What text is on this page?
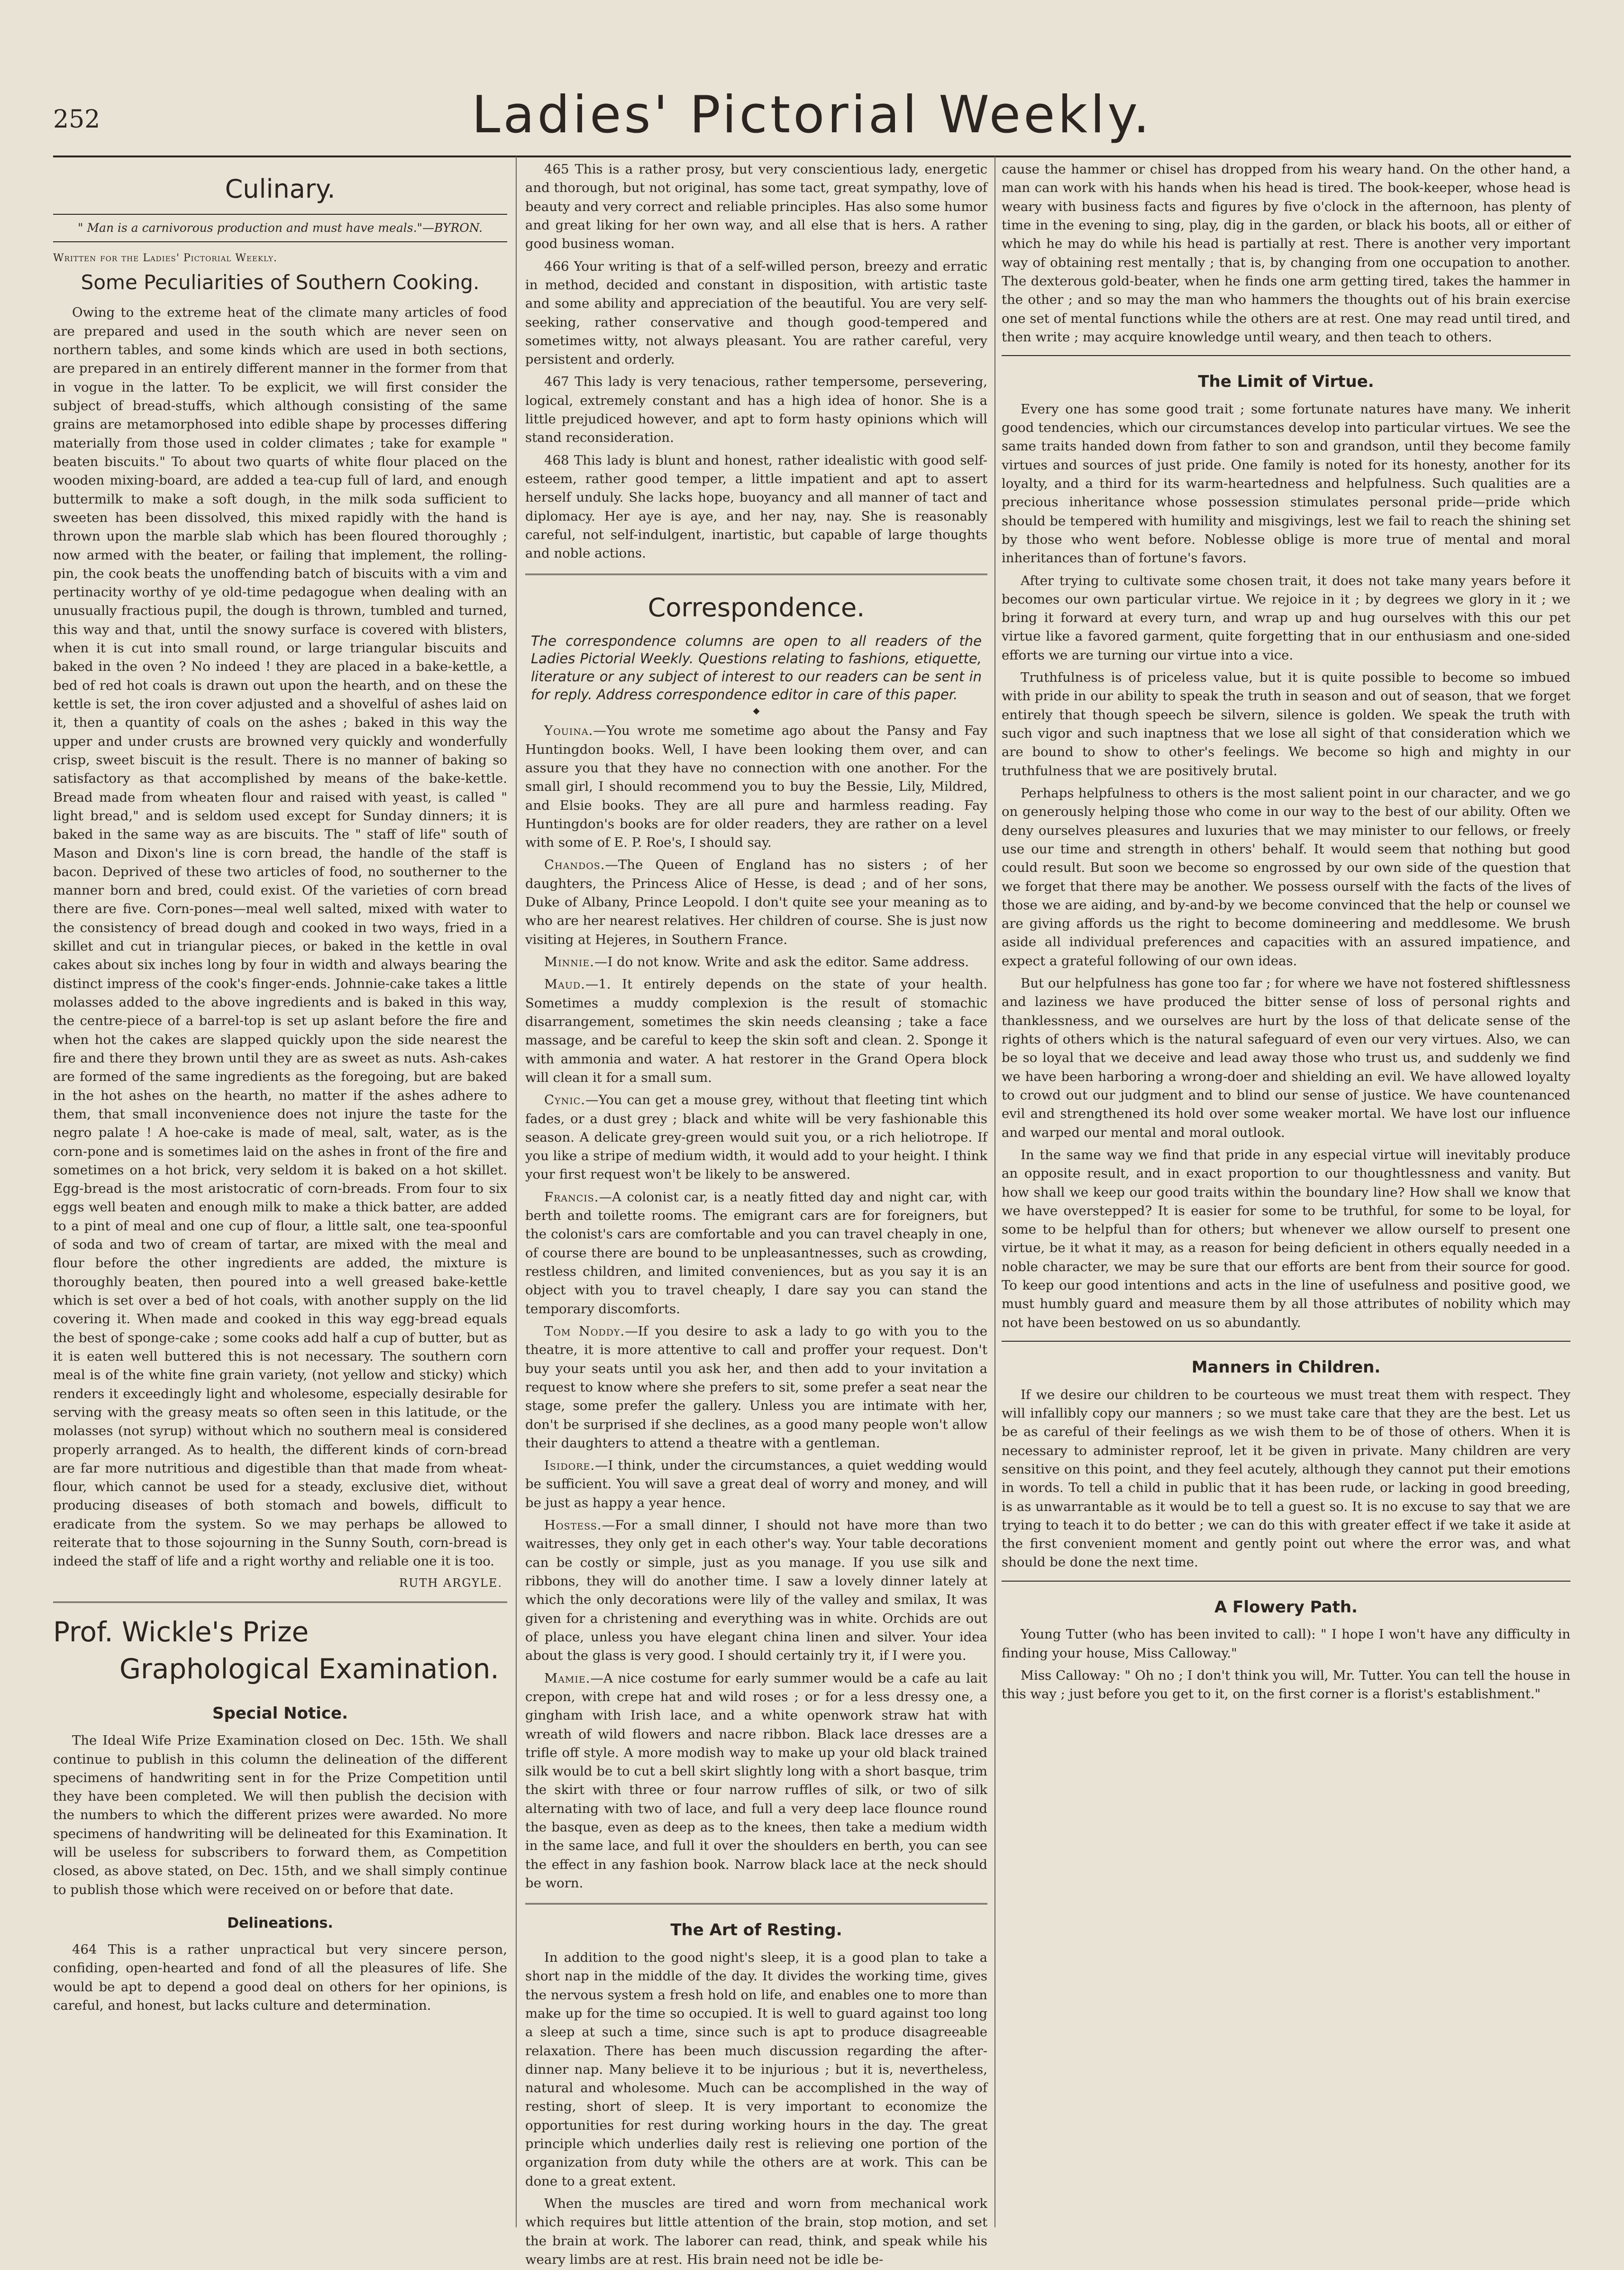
252	Ladies' Pictorial Weekly.
Culinary.
" Man is a carnivorous production and must have meals."—BYRON.
Written for the Ladies' Pictorial Weekly.
Some Peculiarities of Southern Cooking.

Owing to the extreme heat of the climate many articles of food are prepared and used in the south which are never seen on northern tables, and some kinds which are used in both sections, are prepared in an entirely different manner in the former from that in vogue in the latter. To be explicit, we will first consider the subject of bread-stuffs, which although consisting of the same grains are metamorphosed into edible shape by processes differing materially from those used in colder climates ; take for example " beaten biscuits." To about two quarts of white flour placed on the wooden mixing-board, are added a tea-cup full of lard, and enough buttermilk to make a soft dough, in the milk soda sufficient to sweeten has been dissolved, this mixed rapidly with the hand is thrown upon the marble slab which has been floured thoroughly ; now armed with the beater, or failing that implement, the rolling-pin, the cook beats the unoffending batch of biscuits with a vim and pertinacity worthy of ye old-time pedagogue when dealing with an unusually fractious pupil, the dough is thrown, tumbled and turned, this way and that, until the snowy surface is covered with blisters, when it is cut into small round, or large triangular biscuits and baked in the oven ? No indeed ! they are placed in a bake-kettle, a bed of red hot coals is drawn out upon the hearth, and on these the kettle is set, the iron cover adjusted and a shovelful of ashes laid on it, then a quantity of coals on the ashes ; baked in this way the upper and under crusts are browned very quickly and wonderfully crisp, sweet biscuit is the result. There is no manner of baking so satisfactory as that accomplished by means of the bake-kettle. Bread made from wheaten flour and raised with yeast, is called " light bread," and is seldom used except for Sunday dinners; it is baked in the same way as are biscuits. The " staff of life" south of Mason and Dixon's line is corn bread, the handle of the staff is bacon. Deprived of these two articles of food, no southerner to the manner born and bred, could exist. Of the varieties of corn bread there are five. Corn-pones—meal well salted, mixed with water to the consistency of bread dough and cooked in two ways, fried in a skillet and cut in triangular pieces, or baked in the kettle in oval cakes about six inches long by four in width and always bearing the distinct impress of the cook's finger-ends. Johnnie-cake takes a little molasses added to the above ingredients and is baked in this way, the centre-piece of a barrel-top is set up aslant before the fire and when hot the cakes are slapped quickly upon the side nearest the fire and there they brown until they are as sweet as nuts. Ash-cakes are formed of the same ingredients as the foregoing, but are baked in the hot ashes on the hearth, no matter if the ashes adhere to them, that small inconvenience does not injure the taste for the negro palate ! A hoe-cake is made of meal, salt, water, as is the corn-pone and is sometimes laid on the ashes in front of the fire and sometimes on a hot brick, very seldom it is baked on a hot skillet. Egg-bread is the most aristocratic of corn-breads. From four to six eggs well beaten and enough milk to make a thick batter, are added to a pint of meal and one cup of flour, a little salt, one tea-spoonful of soda and two of cream of tartar, are mixed with the meal and flour before the other ingredients are added, the mixture is thoroughly beaten, then poured into a well greased bake-kettle which is set over a bed of hot coals, with another supply on the lid covering it. When made and cooked in this way egg-bread equals the best of sponge-cake ; some cooks add half a cup of butter, but as it is eaten well buttered this is not necessary. The southern corn meal is of the white fine grain variety, (not yellow and sticky) which renders it exceedingly light and wholesome, especially desirable for serving with the greasy meats so often seen in this latitude, or the molasses (not syrup) without which no southern meal is considered properly arranged. As to health, the different kinds of corn-bread are far more nutritious and digestible than that made from wheat-flour, which cannot be used for a steady, exclusive diet, without producing diseases of both stomach and bowels, difficult to eradicate from the system. So we may perhaps be allowed to reiterate that to those sojourning in the Sunny South, corn-bread is indeed the staff of life and a right worthy and reliable one it is too.

RUTH ARGYLE.
Prof. Wickle's Prize
Graphological Examination.
Special Notice.

The Ideal Wife Prize Examination closed on Dec. 15th. We shall continue to publish in this column the delineation of the different specimens of handwriting sent in for the Prize Competition until they have been completed. We will then publish the decision with the numbers to which the different prizes were awarded. No more specimens of handwriting will be delineated for this Examination. It will be useless for subscribers to forward them, as Competition closed, as above stated, on Dec. 15th, and we shall simply continue to publish those which were received on or before that date.

Delineations.

464 This is a rather unpractical but very sincere person, confiding, open-hearted and fond of all the pleasures of life. She would be apt to depend a good deal on others for her opinions, is careful, and honest, but lacks culture and determination.

465 This is a rather prosy, but very conscientious lady, energetic and thorough, but not original, has some tact, great sympathy, love of beauty and very correct and reliable principles. Has also some humor and great liking for her own way, and all else that is hers. A rather good business woman.

466 Your writing is that of a self-willed person, breezy and erratic in method, decided and constant in disposition, with artistic taste and some ability and appreciation of the beautiful. You are very self-seeking, rather conservative and though good-tempered and sometimes witty, not always pleasant. You are rather careful, very persistent and orderly.

467 This lady is very tenacious, rather tempersome, persevering, logical, extremely constant and has a high idea of honor. She is a little prejudiced however, and apt to form hasty opinions which will stand reconsideration.

468 This lady is blunt and honest, rather idealistic with good self-esteem, rather good temper, a little impatient and apt to assert herself unduly. She lacks hope, buoyancy and all manner of tact and diplomacy. Her aye is aye, and her nay, nay. She is reasonably careful, not self-indulgent, inartistic, but capable of large thoughts and noble actions.

Correspondence.
The correspondence columns are open to all readers of the Ladies Pictorial Weekly. Questions relating to fashions, etiquette, literature or any subject of interest to our readers can be sent in for reply. Address correspondence editor in care of this paper.
◆

Youina.—You wrote me sometime ago about the Pansy and Fay Huntingdon books. Well, I have been looking them over, and can assure you that they have no connection with one another. For the small girl, I should recommend you to buy the Bessie, Lily, Mildred, and Elsie books. They are all pure and harmless reading. Fay Huntingdon's books are for older readers, they are rather on a level with some of E. P. Roe's, I should say.

Chandos.—The Queen of England has no sisters ; of her daughters, the Princess Alice of Hesse, is dead ; and of her sons, Duke of Albany, Prince Leopold. I don't quite see your meaning as to who are her nearest relatives. Her children of course. She is just now visiting at Hejeres, in Southern France.

Minnie.—I do not know. Write and ask the editor. Same address.

Maud.—1. It entirely depends on the state of your health. Sometimes a muddy complexion is the result of stomachic disarrangement, sometimes the skin needs cleansing ; take a face massage, and be careful to keep the skin soft and clean. 2. Sponge it with ammonia and water. A hat restorer in the Grand Opera block will clean it for a small sum.

Cynic.—You can get a mouse grey, without that fleeting tint which fades, or a dust grey ; black and white will be very fashionable this season. A delicate grey-green would suit you, or a rich heliotrope. If you like a stripe of medium width, it would add to your height. I think your first request won't be likely to be answered.

Francis.—A colonist car, is a neatly fitted day and night car, with berth and toilette rooms. The emigrant cars are for foreigners, but the colonist's cars are comfortable and you can travel cheaply in one, of course there are bound to be unpleasantnesses, such as crowding, restless children, and limited conveniences, but as you say it is an object with you to travel cheaply, I dare say you can stand the temporary discomforts.

Tom Noddy.—If you desire to ask a lady to go with you to the theatre, it is more attentive to call and proffer your request. Don't buy your seats until you ask her, and then add to your invitation a request to know where she prefers to sit, some prefer a seat near the stage, some prefer the gallery. Unless you are intimate with her, don't be surprised if she declines, as a good many people won't allow their daughters to attend a theatre with a gentleman.

Isidore.—I think, under the circumstances, a quiet wedding would be sufficient. You will save a great deal of worry and money, and will be just as happy a year hence.

Hostess.—For a small dinner, I should not have more than two waitresses, they only get in each other's way. Your table decorations can be costly or simple, just as you manage. If you use silk and ribbons, they will do another time. I saw a lovely dinner lately at which the only decorations were lily of the valley and smilax, It was given for a christening and everything was in white. Orchids are out of place, unless you have elegant china linen and silver. Your idea about the glass is very good. I should certainly try it, if I were you.

Mamie.—A nice costume for early summer would be a cafe au lait crepon, with crepe hat and wild roses ; or for a less dressy one, a gingham with Irish lace, and a white openwork straw hat with wreath of wild flowers and nacre ribbon. Black lace dresses are a trifle off style. A more modish way to make up your old black trained silk would be to cut a bell skirt slightly long with a short basque, trim the skirt with three or four narrow ruffles of silk, or two of silk alternating with two of lace, and full a very deep lace flounce round the basque, even as deep as to the knees, then take a medium width in the same lace, and full it over the shoulders en berth, you can see the effect in any fashion book. Narrow black lace at the neck should be worn.

The Art of Resting.

In addition to the good night's sleep, it is a good plan to take a short nap in the middle of the day. It divides the working time, gives the nervous system a fresh hold on life, and enables one to more than make up for the time so occupied. It is well to guard against too long a sleep at such a time, since such is apt to produce disagreeable relaxation. There has been much discussion regarding the after-dinner nap. Many believe it to be injurious ; but it is, nevertheless, natural and wholesome. Much can be accomplished in the way of resting, short of sleep. It is very important to economize the opportunities for rest during working hours in the day. The great principle which underlies daily rest is relieving one portion of the organization from duty while the others are at work. This can be done to a great extent.

When the muscles are tired and worn from mechanical work which requires but little attention of the brain, stop motion, and set the brain at work. The laborer can read, think, and speak while his weary limbs are at rest. His brain need not be idle be-

cause the hammer or chisel has dropped from his weary hand. On the other hand, a man can work with his hands when his head is tired. The book-keeper, whose head is weary with business facts and figures by five o'clock in the afternoon, has plenty of time in the evening to sing, play, dig in the garden, or black his boots, all or either of which he may do while his head is partially at rest. There is another very important way of obtaining rest mentally ; that is, by changing from one occupation to another. The dexterous gold-beater, when he finds one arm getting tired, takes the hammer in the other ; and so may the man who hammers the thoughts out of his brain exercise one set of mental functions while the others are at rest. One may read until tired, and then write ; may acquire knowledge until weary, and then teach to others.

The Limit of Virtue.

Every one has some good trait ; some fortunate natures have many. We inherit good tendencies, which our circumstances develop into particular virtues. We see the same traits handed down from father to son and grandson, until they become family virtues and sources of just pride. One family is noted for its honesty, another for its loyalty, and a third for its warm-heartedness and helpfulness. Such qualities are a precious inheritance whose possession stimulates personal pride—pride which should be tempered with humility and misgivings, lest we fail to reach the shining set by those who went before. Noblesse oblige is more true of mental and moral inheritances than of fortune's favors.

After trying to cultivate some chosen trait, it does not take many years before it becomes our own particular virtue. We rejoice in it ; by degrees we glory in it ; we bring it forward at every turn, and wrap up and hug ourselves with this our pet virtue like a favored garment, quite forgetting that in our enthusiasm and one-sided efforts we are turning our virtue into a vice.

Truthfulness is of priceless value, but it is quite possible to become so imbued with pride in our ability to speak the truth in season and out of season, that we forget entirely that though speech be silvern, silence is golden. We speak the truth with such vigor and such inaptness that we lose all sight of that consideration which we are bound to show to other's feelings. We become so high and mighty in our truthfulness that we are positively brutal.

Perhaps helpfulness to others is the most salient point in our character, and we go on generously helping those who come in our way to the best of our ability. Often we deny ourselves pleasures and luxuries that we may minister to our fellows, or freely use our time and strength in others' behalf. It would seem that nothing but good could result. But soon we become so engrossed by our own side of the question that we forget that there may be another. We possess ourself with the facts of the lives of those we are aiding, and by-and-by we become convinced that the help or counsel we are giving affords us the right to become domineering and meddlesome. We brush aside all individual preferences and capacities with an assured impatience, and expect a grateful following of our own ideas.

But our helpfulness has gone too far ; for where we have not fostered shiftlessness and laziness we have produced the bitter sense of loss of personal rights and thanklessness, and we ourselves are hurt by the loss of that delicate sense of the rights of others which is the natural safeguard of even our very virtues. Also, we can be so loyal that we deceive and lead away those who trust us, and suddenly we find we have been harboring a wrong-doer and shielding an evil. We have allowed loyalty to crowd out our judgment and to blind our sense of justice. We have countenanced evil and strengthened its hold over some weaker mortal. We have lost our influence and warped our mental and moral outlook.

In the same way we find that pride in any especial virtue will inevitably produce an opposite result, and in exact proportion to our thoughtlessness and vanity. But how shall we keep our good traits within the boundary line? How shall we know that we have overstepped? It is easier for some to be truthful, for some to be loyal, for some to be helpful than for others; but whenever we allow ourself to present one virtue, be it what it may, as a reason for being deficient in others equally needed in a noble character, we may be sure that our efforts are bent from their source for good. To keep our good intentions and acts in the line of usefulness and positive good, we must humbly guard and measure them by all those attributes of nobility which may not have been bestowed on us so abundantly.

Manners in Children.

If we desire our children to be courteous we must treat them with respect. They will infallibly copy our manners ; so we must take care that they are the best. Let us be as careful of their feelings as we wish them to be of those of others. When it is necessary to administer reproof, let it be given in private. Many children are very sensitive on this point, and they feel acutely, although they cannot put their emotions in words. To tell a child in public that it has been rude, or lacking in good breeding, is as unwarrantable as it would be to tell a guest so. It is no excuse to say that we are trying to teach it to do better ; we can do this with greater effect if we take it aside at the first convenient moment and gently point out where the error was, and what should be done the next time.

A Flowery Path.

Young Tutter (who has been invited to call): " I hope I won't have any difficulty in finding your house, Miss Calloway."

Miss Calloway: " Oh no ; I don't think you will, Mr. Tutter. You can tell the house in this way ; just before you get to it, on the first corner is a florist's establishment."
